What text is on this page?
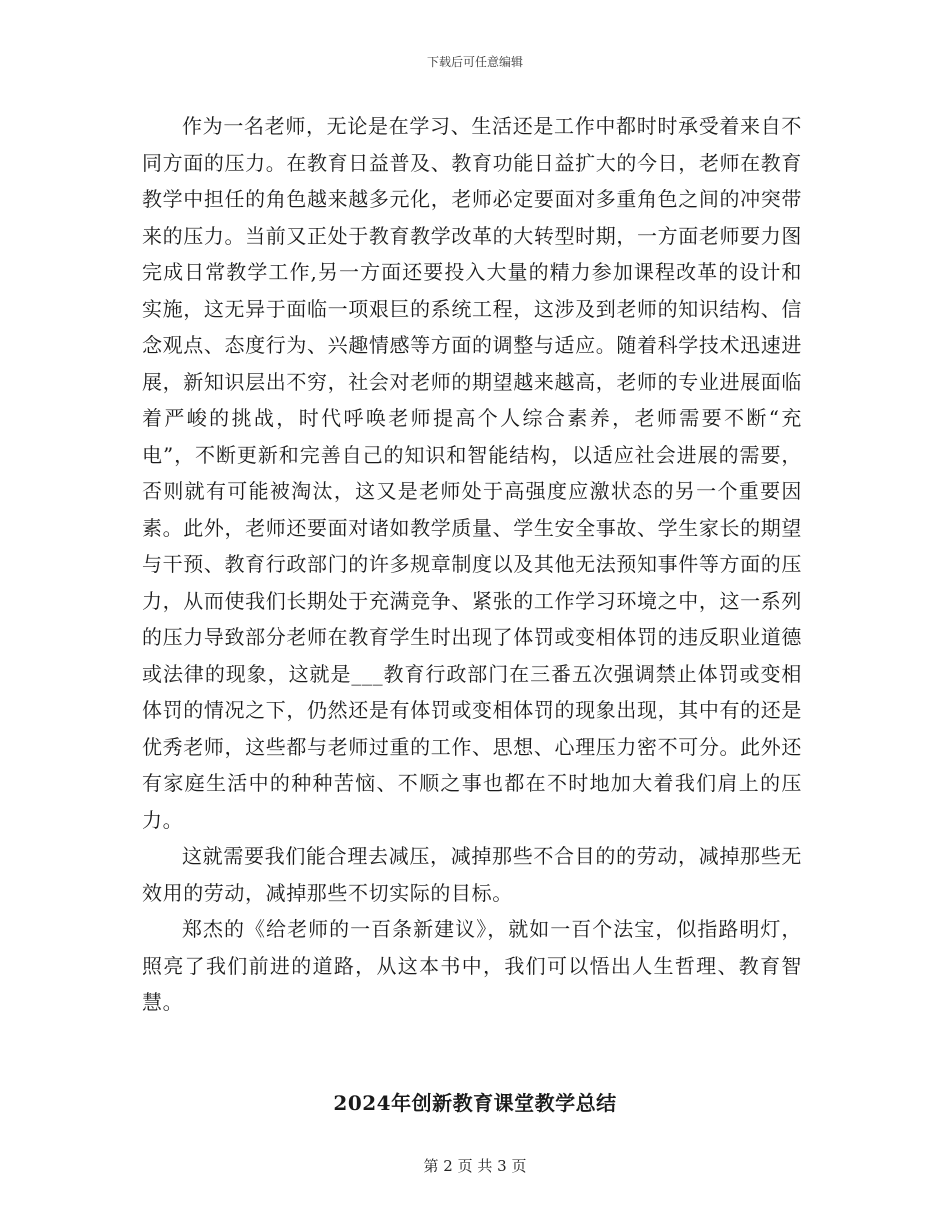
下载后可任意编辑

作为一名老师，无论是在学习、生活还是工作中都时时承受着来自不同方面的压力。在教育日益普及、教育功能日益扩大的今日，老师在教育教学中担任的角色越来越多元化，老师必定要面对多重角色之间的冲突带来的压力。当前又正处于教育教学改革的大转型时期，一方面老师要力图完成日常教学工作,另一方面还要投入大量的精力参加课程改革的设计和实施，这无异于面临一项艰巨的系统工程，这涉及到老师的知识结构、信念观点、态度行为、兴趣情感等方面的调整与适应。随着科学技术迅速进展，新知识层出不穷，社会对老师的期望越来越高，老师的专业进展面临着严峻的挑战，时代呼唤老师提高个人综合素养，老师需要不断“充电”，不断更新和完善自己的知识和智能结构，以适应社会进展的需要，否则就有可能被淘汰，这又是老师处于高强度应激状态的另一个重要因素。此外，老师还要面对诸如教学质量、学生安全事故、学生家长的期望与干预、教育行政部门的许多规章制度以及其他无法预知事件等方面的压力，从而使我们长期处于充满竞争、紧张的工作学习环境之中，这一系列的压力导致部分老师在教育学生时出现了体罚或变相体罚的违反职业道德或法律的现象，这就是___教育行政部门在三番五次强调禁止体罚或变相体罚的情况之下，仍然还是有体罚或变相体罚的现象出现，其中有的还是优秀老师，这些都与老师过重的工作、思想、心理压力密不可分。此外还有家庭生活中的种种苦恼、不顺之事也都在不时地加大着我们肩上的压力。

这就需要我们能合理去减压，减掉那些不合目的的劳动，减掉那些无效用的劳动，减掉那些不切实际的目标。

郑杰的《给老师的一百条新建议》，就如一百个法宝，似指路明灯，照亮了我们前进的道路，从这本书中，我们可以悟出人生哲理、教育智慧。

2024年创新教育课堂教学总结
第 2 页 共 3 页
